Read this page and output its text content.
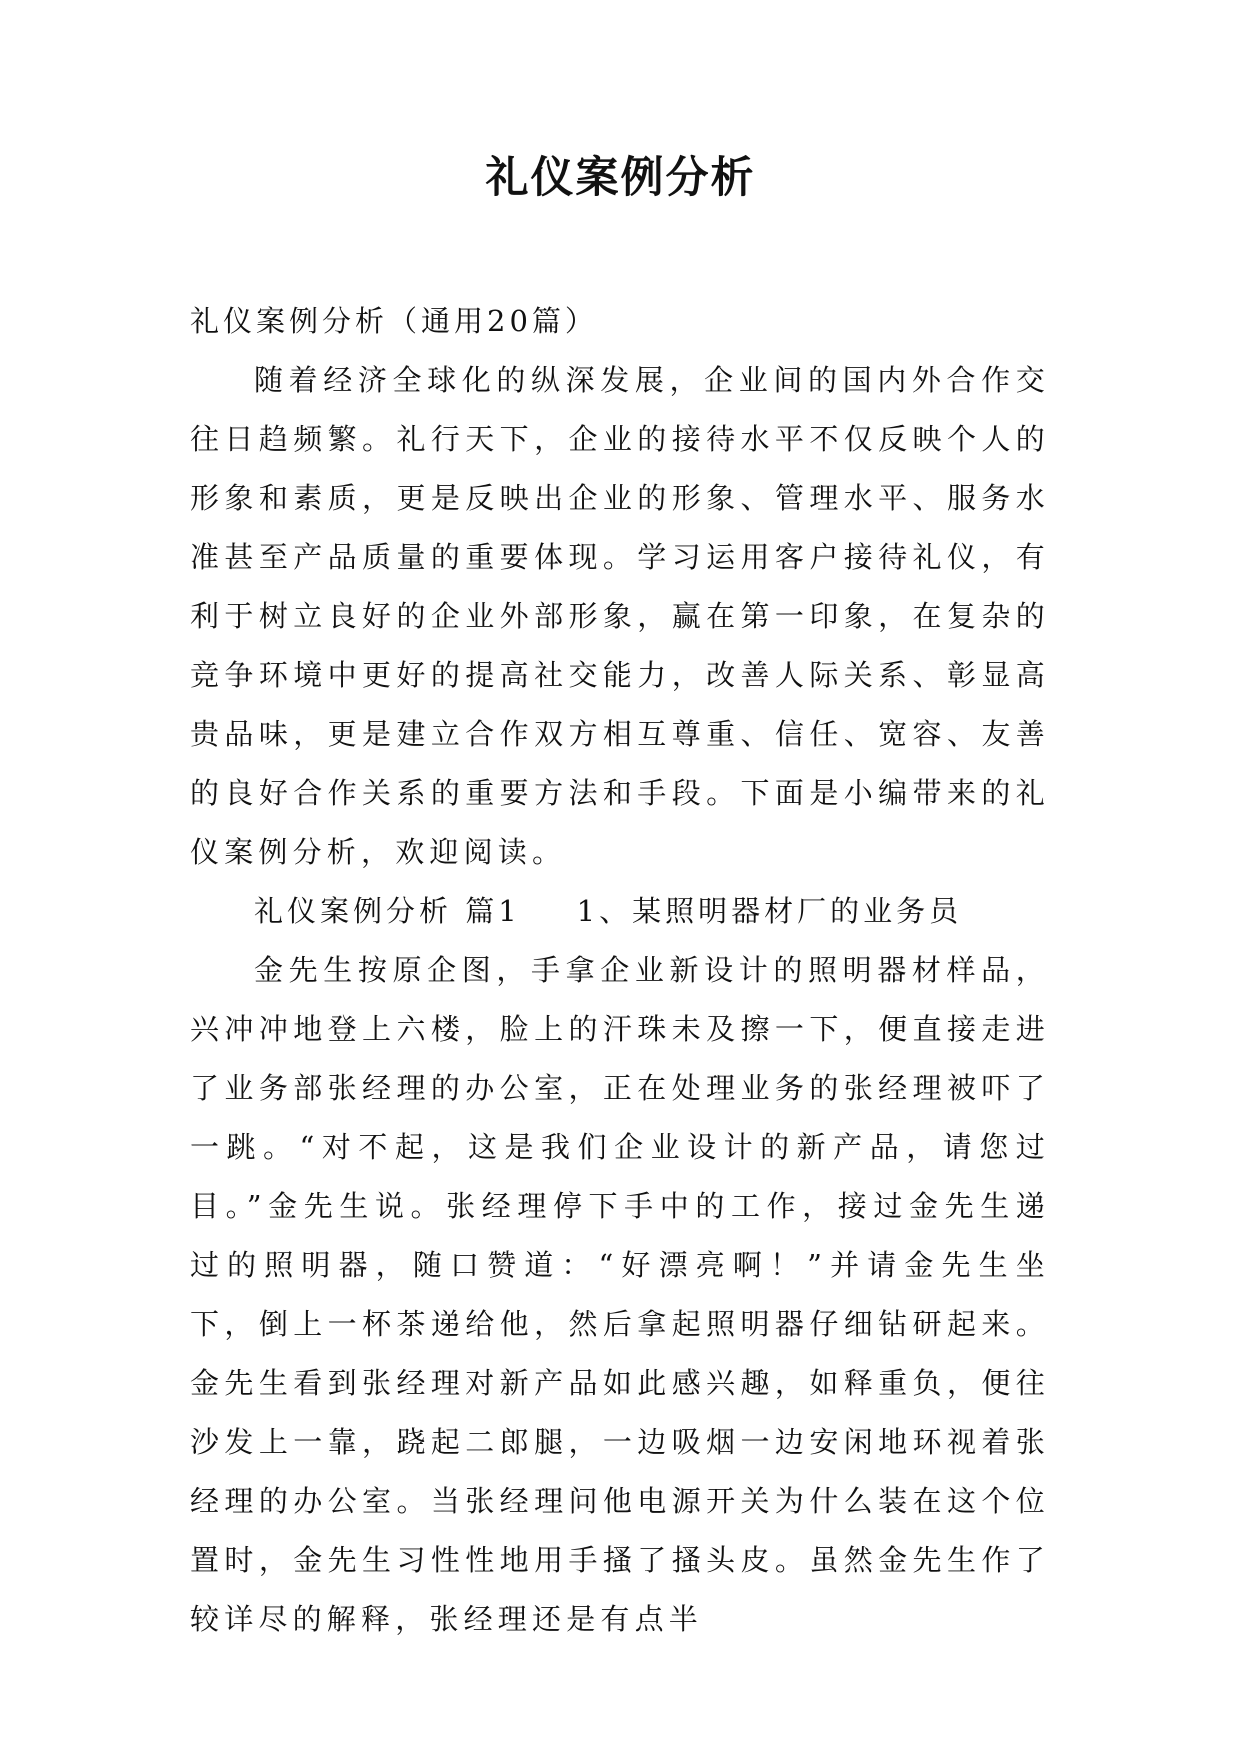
礼仪案例分析

礼仪案例分析（通用20篇）

随着经济全球化的纵深发展，企业间的国内外合作交往日趋频繁。礼行天下，企业的接待水平不仅反映个人的形象和素质，更是反映出企业的形象、管理水平、服务水准甚至产品质量的重要体现。学习运用客户接待礼仪，有利于树立良好的企业外部形象，赢在第一印象，在复杂的竞争环境中更好的提高社交能力，改善人际关系、彰显高贵品味，更是建立合作双方相互尊重、信任、宽容、友善的良好合作关系的重要方法和手段。下面是小编带来的礼仪案例分析，欢迎阅读。

礼仪案例分析 篇1 1、某照明器材厂的业务员

金先生按原企图，手拿企业新设计的照明器材样品，兴冲冲地登上六楼，脸上的汗珠未及擦一下，便直接走进了业务部张经理的办公室，正在处理业务的张经理被吓了一跳。“对不起，这是我们企业设计的新产品，请您过目。”金先生说。张经理停下手中的工作，接过金先生递过的照明器，随口赞道：“好漂亮啊！”并请金先生坐下，倒上一杯茶递给他，然后拿起照明器仔细钻研起来。金先生看到张经理对新产品如此感兴趣，如释重负，便往沙发上一靠，跷起二郎腿，一边吸烟一边安闲地环视着张经理的办公室。当张经理问他电源开关为什么装在这个位置时，金先生习性性地用手搔了搔头皮。虽然金先生作了较详尽的解释，张经理还是有点半
